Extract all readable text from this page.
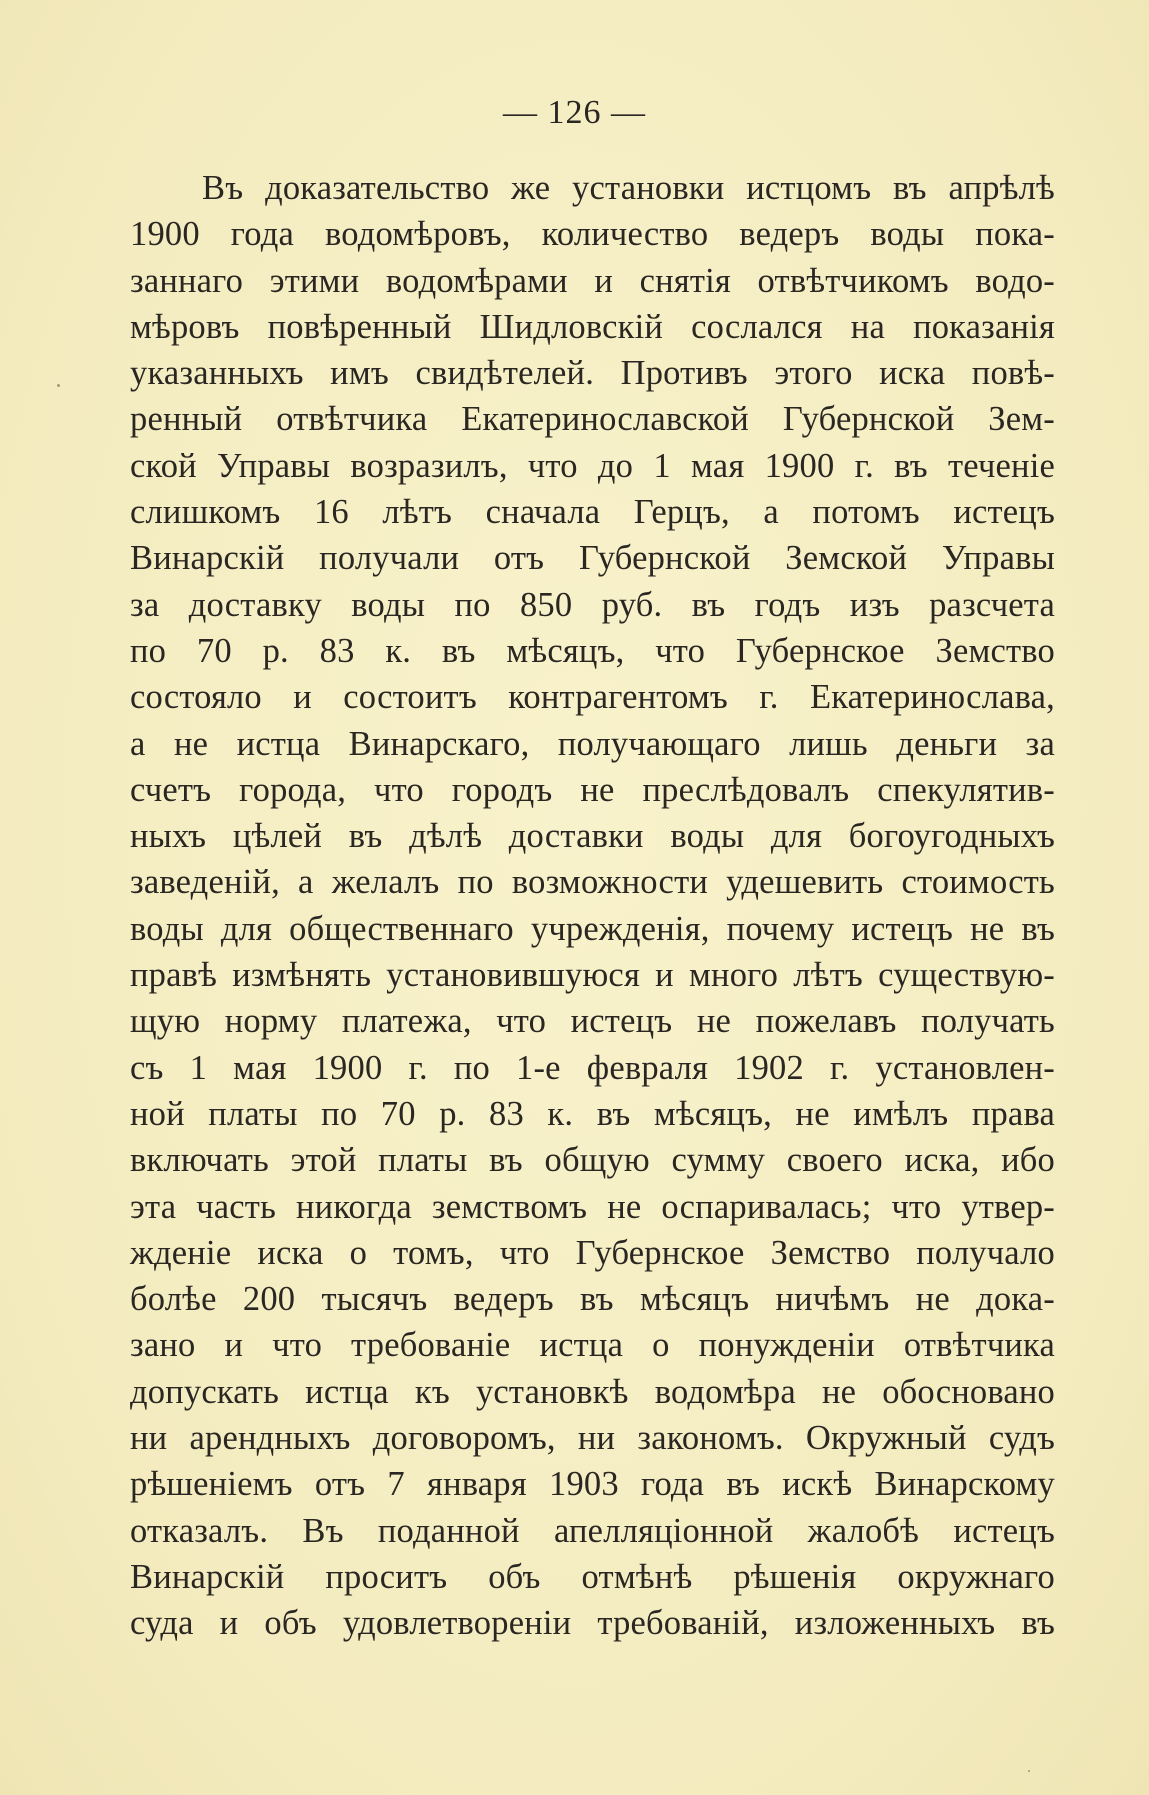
— 126 —
Въ доказательство же установки истцомъ въ апрѣлѣ
1900 года водомѣровъ, количество ведеръ воды пока-
заннаго этими водомѣрами и снятія отвѣтчикомъ водо-
мѣровъ повѣренный Шидловскій сослался на показанія
указанныхъ имъ свидѣтелей. Противъ этого иска повѣ-
ренный отвѣтчика Екатеринославской Губернской Зем-
ской Управы возразилъ, что до 1 мая 1900 г. въ теченіе
слишкомъ 16 лѣтъ сначала Герцъ, а потомъ истецъ
Винарскій получали отъ Губернской Земской Управы
за доставку воды по 850 руб. въ годъ изъ разсчета
по 70 р. 83 к. въ мѣсяцъ, что Губернское Земство
состояло и состоитъ контрагентомъ г. Екатеринослава,
а не истца Винарскаго, получающаго лишь деньги за
счетъ города, что городъ не преслѣдовалъ спекулятив-
ныхъ цѣлей въ дѣлѣ доставки воды для богоугодныхъ
заведеній, а желалъ по возможности удешевить стоимость
воды для общественнаго учрежденія, почему истецъ не въ
правѣ измѣнять установившуюся и много лѣтъ существую-
щую норму платежа, что истецъ не пожелавъ получать
съ 1 мая 1900 г. по 1-е февраля 1902 г. установлен-
ной платы по 70 р. 83 к. въ мѣсяцъ, не имѣлъ права
включать этой платы въ общую сумму своего иска, ибо
эта часть никогда земствомъ не оспаривалась; что утвер-
жденіе иска о томъ, что Губернское Земство получало
болѣе 200 тысячъ ведеръ въ мѣсяцъ ничѣмъ не дока-
зано и что требованіе истца о понужденіи отвѣтчика
допускать истца къ установкѣ водомѣра не обосновано
ни арендныхъ договоромъ, ни закономъ. Окружный судъ
рѣшеніемъ отъ 7 января 1903 года въ искѣ Винарскому
отказалъ. Въ поданной апелляціонной жалобѣ истецъ
Винарскій проситъ объ отмѣнѣ рѣшенія окружнаго
суда и объ удовлетвореніи требованій, изложенныхъ въ
